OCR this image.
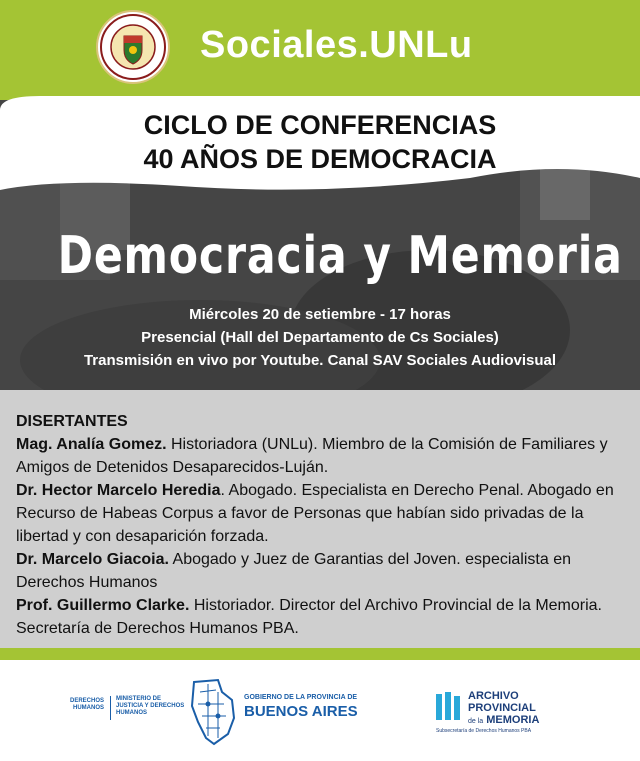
Sociales.UNLu
CICLO DE CONFERENCIAS
40 AÑOS DE DEMOCRACIA
Democracia y Memoria
Miércoles 20 de setiembre - 17 horas
Presencial (Hall del Departamento de Cs Sociales)
Transmisión en vivo por Youtube. Canal SAV Sociales Audiovisual
DISERTANTES
Mag. Analía Gomez. Historiadora (UNLu). Miembro de la Comisión de Familiares y Amigos de Detenidos Desaparecidos-Luján.
Dr. Hector Marcelo Heredia. Abogado. Especialista en Derecho Penal. Abogado en Recurso de Habeas Corpus a favor de Personas que habían sido privadas de la libertad y con desaparición forzada.
Dr. Marcelo Giacoia. Abogado y Juez de Garantias del Joven. especialista en Derechos Humanos
Prof. Guillermo Clarke. Historiador. Director del Archivo Provincial de la Memoria. Secretaría de Derechos Humanos PBA.
DERECHOS
HUMANOS
MINISTERIO DE
JUSTICIA Y DERECHOS
HUMANOS
GOBIERNO DE LA PROVINCIA DE
BUENOS AIRES
ARCHIVO
PROVINCIAL
de la MEMORIA
Subsecretaría de Derechos Humanos PBA
